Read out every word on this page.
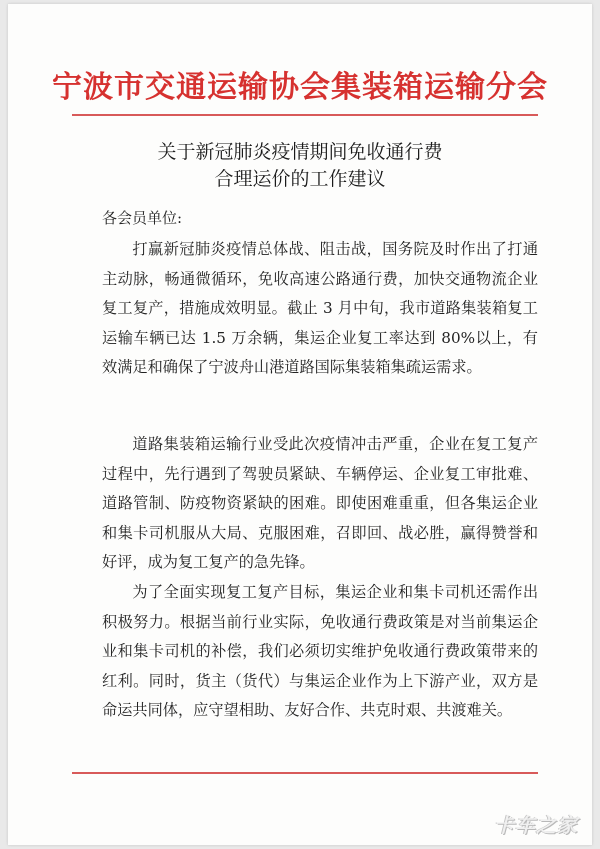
宁波市交通运输协会集装箱运输分会
关于新冠肺炎疫情期间免收通行费
合理运价的工作建议
各会员单位:

打赢新冠肺炎疫情总体战、阻击战，国务院及时作出了打通主动脉，畅通微循环，免收高速公路通行费，加快交通物流企业复工复产，措施成效明显。截止 3 月中旬，我市道路集装箱复工运输车辆已达 1.5 万余辆，集运企业复工率达到 80%以上，有效满足和确保了宁波舟山港道路国际集装箱集疏运需求。

道路集装箱运输行业受此次疫情冲击严重，企业在复工复产过程中，先行遇到了驾驶员紧缺、车辆停运、企业复工审批难、道路管制、防疫物资紧缺的困难。即使困难重重，但各集运企业和集卡司机服从大局、克服困难，召即回、战必胜，赢得赞誉和好评，成为复工复产的急先锋。

为了全面实现复工复产目标，集运企业和集卡司机还需作出积极努力。根据当前行业实际，免收通行费政策是对当前集运企业和集卡司机的补偿，我们必须切实维护免收通行费政策带来的红利。同时，货主（货代）与集运企业作为上下游产业，双方是命运共同体，应守望相助、友好合作、共克时艰、共渡难关。

卡车之家
